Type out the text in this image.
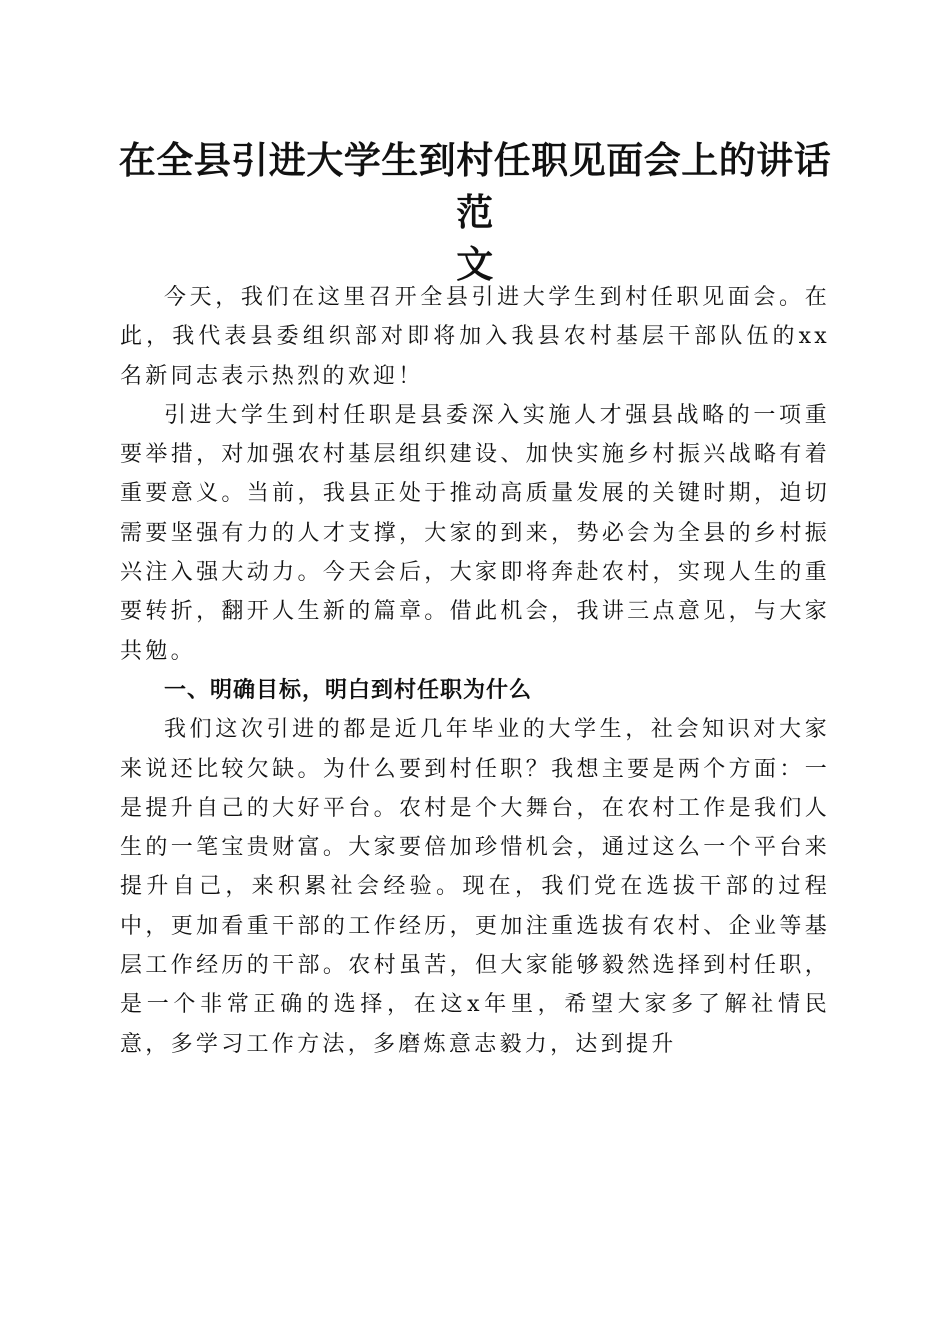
在全县引进大学生到村任职见面会上的讲话范
文

今天，我们在这里召开全县引进大学生到村任职见面会。在此，我代表县委组织部对即将加入我县农村基层干部队伍的xx名新同志表示热烈的欢迎！

引进大学生到村任职是县委深入实施人才强县战略的一项重要举措，对加强农村基层组织建设、加快实施乡村振兴战略有着重要意义。当前，我县正处于推动高质量发展的关键时期，迫切需要坚强有力的人才支撑，大家的到来，势必会为全县的乡村振兴注入强大动力。今天会后，大家即将奔赴农村，实现人生的重要转折，翻开人生新的篇章。借此机会，我讲三点意见，与大家共勉。

一、明确目标，明白到村任职为什么

我们这次引进的都是近几年毕业的大学生，社会知识对大家来说还比较欠缺。为什么要到村任职？我想主要是两个方面：一是提升自己的大好平台。农村是个大舞台，在农村工作是我们人生的一笔宝贵财富。大家要倍加珍惜机会，通过这么一个平台来提升自己，来积累社会经验。现在，我们党在选拔干部的过程中，更加看重干部的工作经历，更加注重选拔有农村、企业等基层工作经历的干部。农村虽苦，但大家能够毅然选择到村任职，是一个非常正确的选择，在这x年里，希望大家多了解社情民意，多学习工作方法，多磨炼意志毅力，达到提升
